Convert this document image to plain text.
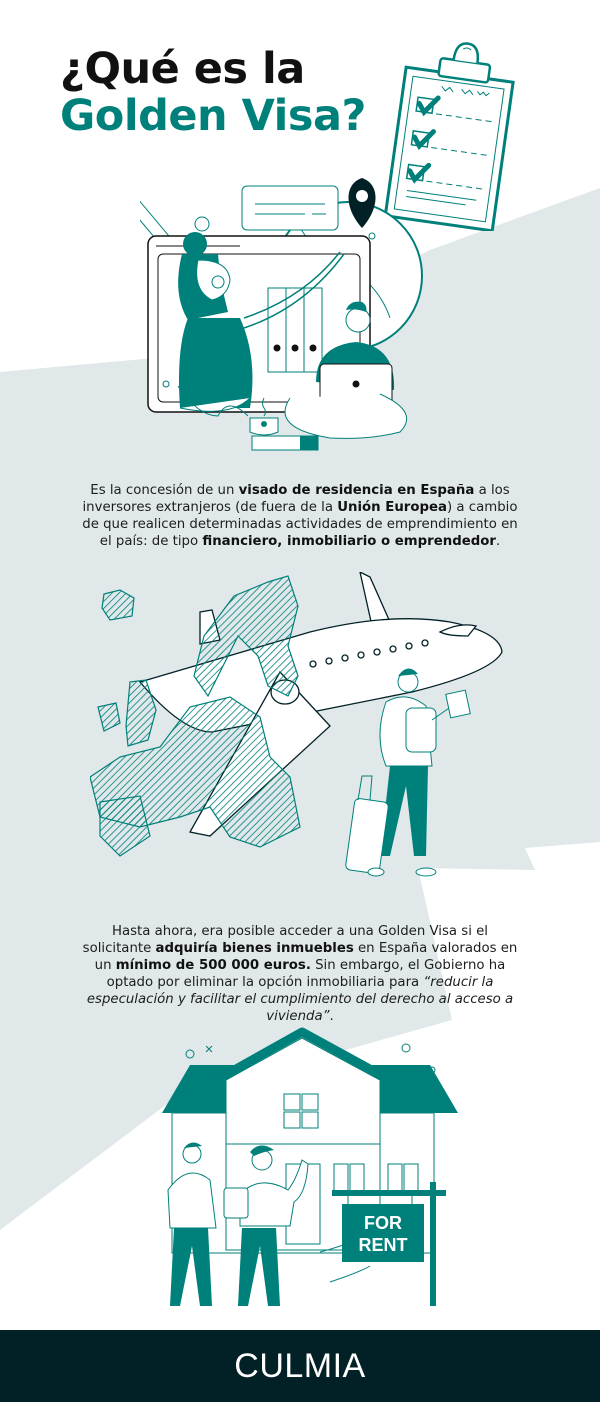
¿Qué es la
Golden Visa?

Es la concesión de un visado de residencia en España a los inversores extranjeros (de fuera de la Unión Europea) a cambio de que realicen determinadas actividades de emprendimiento en el país: de tipo financiero, inmobiliario o emprendedor.

Hasta ahora, era posible acceder a una Golden Visa si el solicitante adquiría bienes inmuebles en España valorados en un mínimo de 500 000 euros. Sin embargo, el Gobierno ha optado por eliminar la opción inmobiliaria para “reducir la especulación y facilitar el cumplimiento del derecho al acceso a vivienda”.

FOR
RENT
CULMIA
